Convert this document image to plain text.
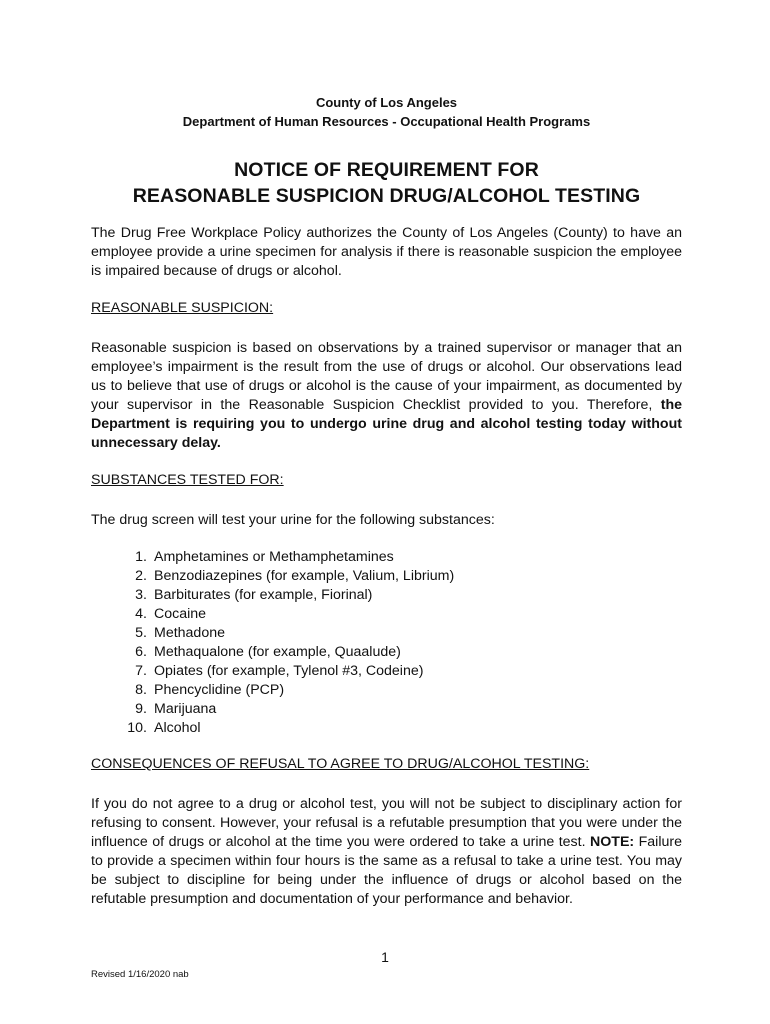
County of Los Angeles
Department of Human Resources - Occupational Health Programs
NOTICE OF REQUIREMENT FOR
REASONABLE SUSPICION DRUG/ALCOHOL TESTING

The Drug Free Workplace Policy authorizes the County of Los Angeles (County) to have an employee provide a urine specimen for analysis if there is reasonable suspicion the employee is impaired because of drugs or alcohol.

REASONABLE SUSPICION:

Reasonable suspicion is based on observations by a trained supervisor or manager that an employee’s impairment is the result from the use of drugs or alcohol. Our observations lead us to believe that use of drugs or alcohol is the cause of your impairment, as documented by your supervisor in the Reasonable Suspicion Checklist provided to you. Therefore, the Department is requiring you to undergo urine drug and alcohol testing today without unnecessary delay.

SUBSTANCES TESTED FOR:

The drug screen will test your urine for the following substances:

1. Amphetamines or Methamphetamines
2. Benzodiazepines (for example, Valium, Librium)
3. Barbiturates (for example, Fiorinal)
4. Cocaine
5. Methadone
6. Methaqualone (for example, Quaalude)
7. Opiates (for example, Tylenol #3, Codeine)
8. Phencyclidine (PCP)
9. Marijuana
10. Alcohol
CONSEQUENCES OF REFUSAL TO AGREE TO DRUG/ALCOHOL TESTING:

If you do not agree to a drug or alcohol test, you will not be subject to disciplinary action for refusing to consent. However, your refusal is a refutable presumption that you were under the influence of drugs or alcohol at the time you were ordered to take a urine test. NOTE: Failure to provide a specimen within four hours is the same as a refusal to take a urine test. You may be subject to discipline for being under the influence of drugs or alcohol based on the refutable presumption and documentation of your performance and behavior.

1
Revised 1/16/2020 nab
